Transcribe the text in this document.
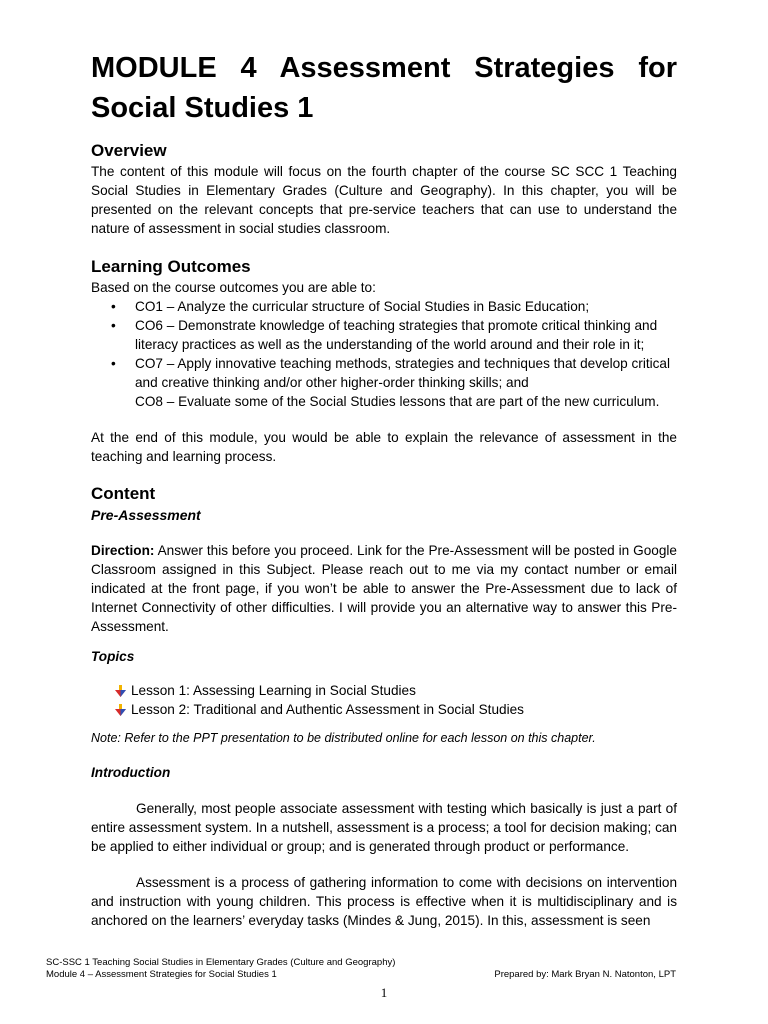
MODULE 4 Assessment Strategies for Social Studies 1
Overview

The content of this module will focus on the fourth chapter of the course SC SCC 1 Teaching Social Studies in Elementary Grades (Culture and Geography). In this chapter, you will be presented on the relevant concepts that pre-service teachers that can use to understand the nature of assessment in social studies classroom.

Learning Outcomes

Based on the course outcomes you are able to:

• CO1 – Analyze the curricular structure of Social Studies in Basic Education;
• CO6 – Demonstrate knowledge of teaching strategies that promote critical thinking and literacy practices as well as the understanding of the world around and their role in it;
• CO7 – Apply innovative teaching methods, strategies and techniques that develop critical and creative thinking and/or other higher-order thinking skills; and
CO8 – Evaluate some of the Social Studies lessons that are part of the new curriculum.

At the end of this module, you would be able to explain the relevance of assessment in the teaching and learning process.

Content

Pre-Assessment

Direction: Answer this before you proceed. Link for the Pre-Assessment will be posted in Google Classroom assigned in this Subject. Please reach out to me via my contact number or email indicated at the front page, if you won’t be able to answer the Pre-Assessment due to lack of Internet Connectivity of other difficulties. I will provide you an alternative way to answer this Pre-Assessment.

Topics

Lesson 1: Assessing Learning in Social Studies
Lesson 2: Traditional and Authentic Assessment in Social Studies

Note: Refer to the PPT presentation to be distributed online for each lesson on this chapter.

Introduction

Generally, most people associate assessment with testing which basically is just a part of entire assessment system. In a nutshell, assessment is a process; a tool for decision making; can be applied to either individual or group; and is generated through product or performance.

Assessment is a process of gathering information to come with decisions on intervention and instruction with young children. This process is effective when it is multidisciplinary and is anchored on the learners’ everyday tasks (Mindes & Jung, 2015). In this, assessment is seen

SC-SSC 1 Teaching Social Studies in Elementary Grades (Culture and Geography)
Module 4 – Assessment Strategies for Social Studies 1	Prepared by: Mark Bryan N. Natonton, LPT
1
